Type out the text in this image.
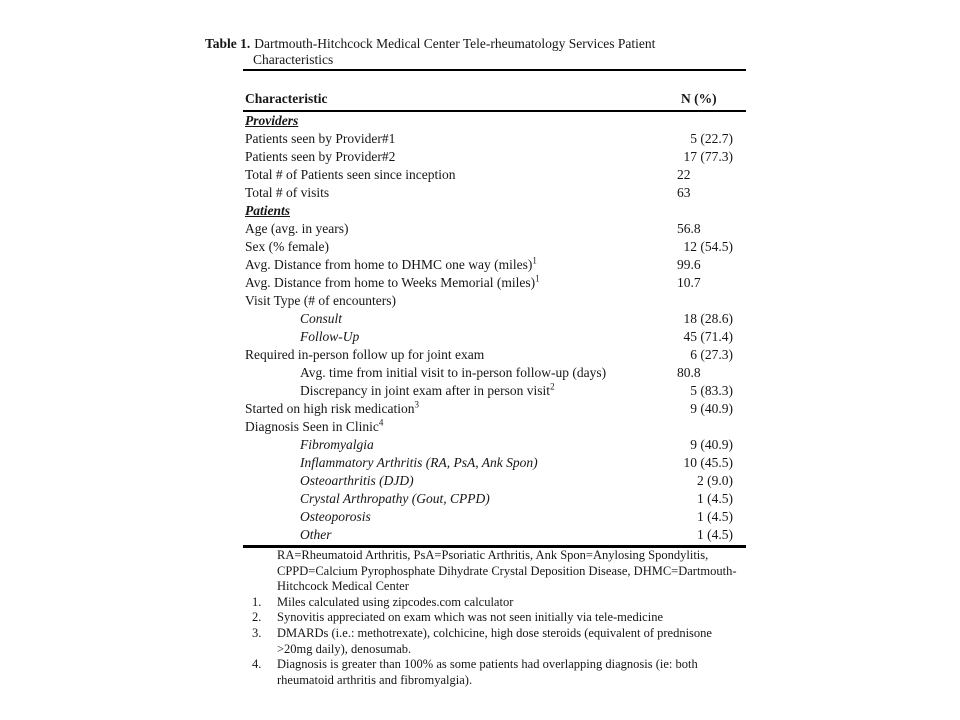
Table 1. Dartmouth-Hitchcock Medical Center Tele-rheumatology Services Patient
Characteristics
Characteristic	N (%)
Providers
Patients seen by Provider#1	5 (22.7)
Patients seen by Provider#2	17 (77.3)
Total # of Patients seen since inception	22
Total # of visits	63
Patients
Age (avg. in years)	56.8
Sex (% female)	12 (54.5)
Avg. Distance from home to DHMC one way (miles)$^1$	99.6
Avg. Distance from home to Weeks Memorial (miles)$^1$	10.7
Visit Type (# of encounters)
Consult	18 (28.6)
Follow-Up	45 (71.4)
Required in-person follow up for joint exam	6 (27.3)
Avg. time from initial visit to in-person follow-up (days)	80.8
Discrepancy in joint exam after in person visit$^2$	5 (83.3)
Started on high risk medication$^3$	9 (40.9)
Diagnosis Seen in Clinic$^4$
Fibromyalgia	9 (40.9)
Inflammatory Arthritis (RA, PsA, Ank Spon)	10 (45.5)
Osteoarthritis (DJD)	2 (9.0)
Crystal Arthropathy (Gout, CPPD)	1 (4.5)
Osteoporosis	1 (4.5)
Other	1 (4.5)
RA=Rheumatoid Arthritis, PsA=Psoriatic Arthritis, Ank Spon=Anylosing Spondylitis,
CPPD=Calcium Pyrophosphate Dihydrate Crystal Deposition Disease, DHMC=Dartmouth-
Hitchcock Medical Center
1. Miles calculated using zipcodes.com calculator
2. Synovitis appreciated on exam which was not seen initially via tele-medicine
3. DMARDs (i.e.: methotrexate), colchicine, high dose steroids (equivalent of prednisone
>20mg daily), denosumab.
4. Diagnosis is greater than 100% as some patients had overlapping diagnosis (ie: both
rheumatoid arthritis and fibromyalgia).
